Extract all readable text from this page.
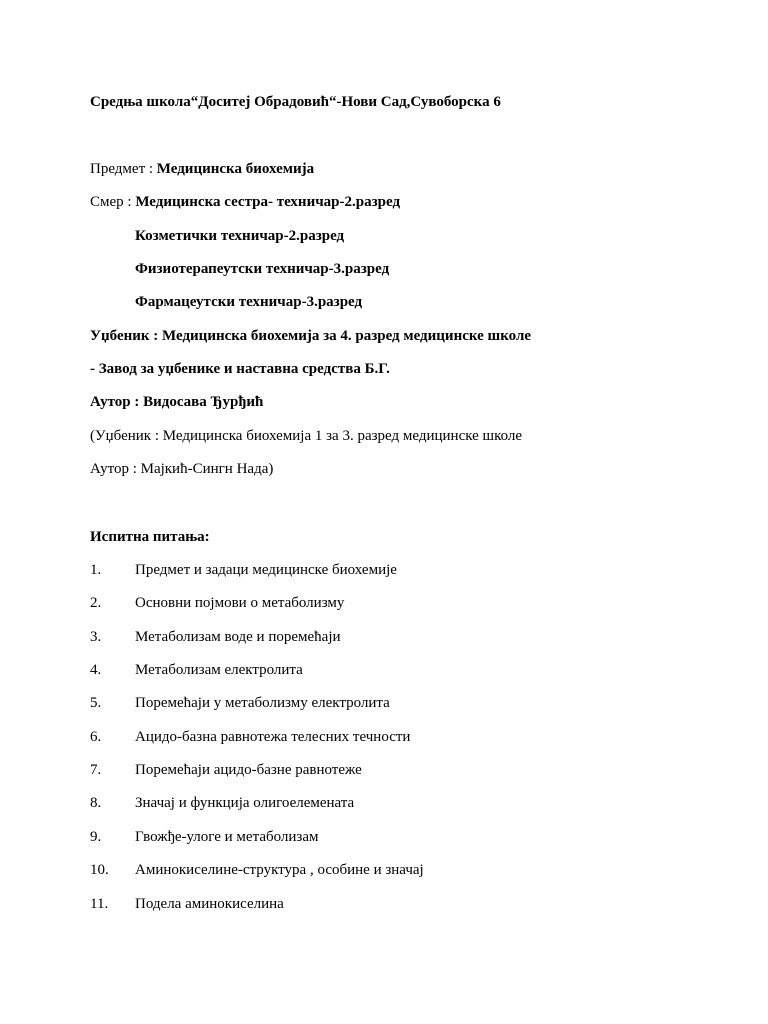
Средња школа“Доситеј Обрадовић“-Нови Сад,Сувоборска 6
Предмет : Медицинска биохемија
Смер : Медицинска сестра- техничар-2.разред
Козметички техничар-2.разред
Физиотерапеутски техничар-3.разред
Фармацеутски техничар-3.разред
Уџбеник : Медицинска биохемија за 4. разред медицинске школе
- Завод за уџбенике и наставна средства Б.Г.
Аутор : Видосава Ђурђић
(Уџбеник : Медицинска биохемија 1 за 3. разред медицинске школе
Аутор : Мајкић-Сингн Нада)
Испитна питања:
1. Предмет и задаци медицинске биохемије
2. Основни појмови о метаболизму
3. Метаболизам воде и поремећаји
4. Метаболизам електролита
5. Поремећаји у метаболизму електролита
6. Ацидо-базна равнотежа телесних течности
7. Поремећаји ацидо-базне равнотеже
8. Значај и функција олигоелемената
9. Гвожђе-улоге и метаболизам
10. Аминокиселине-структура , особине и значај
11. Подела аминокиселина
